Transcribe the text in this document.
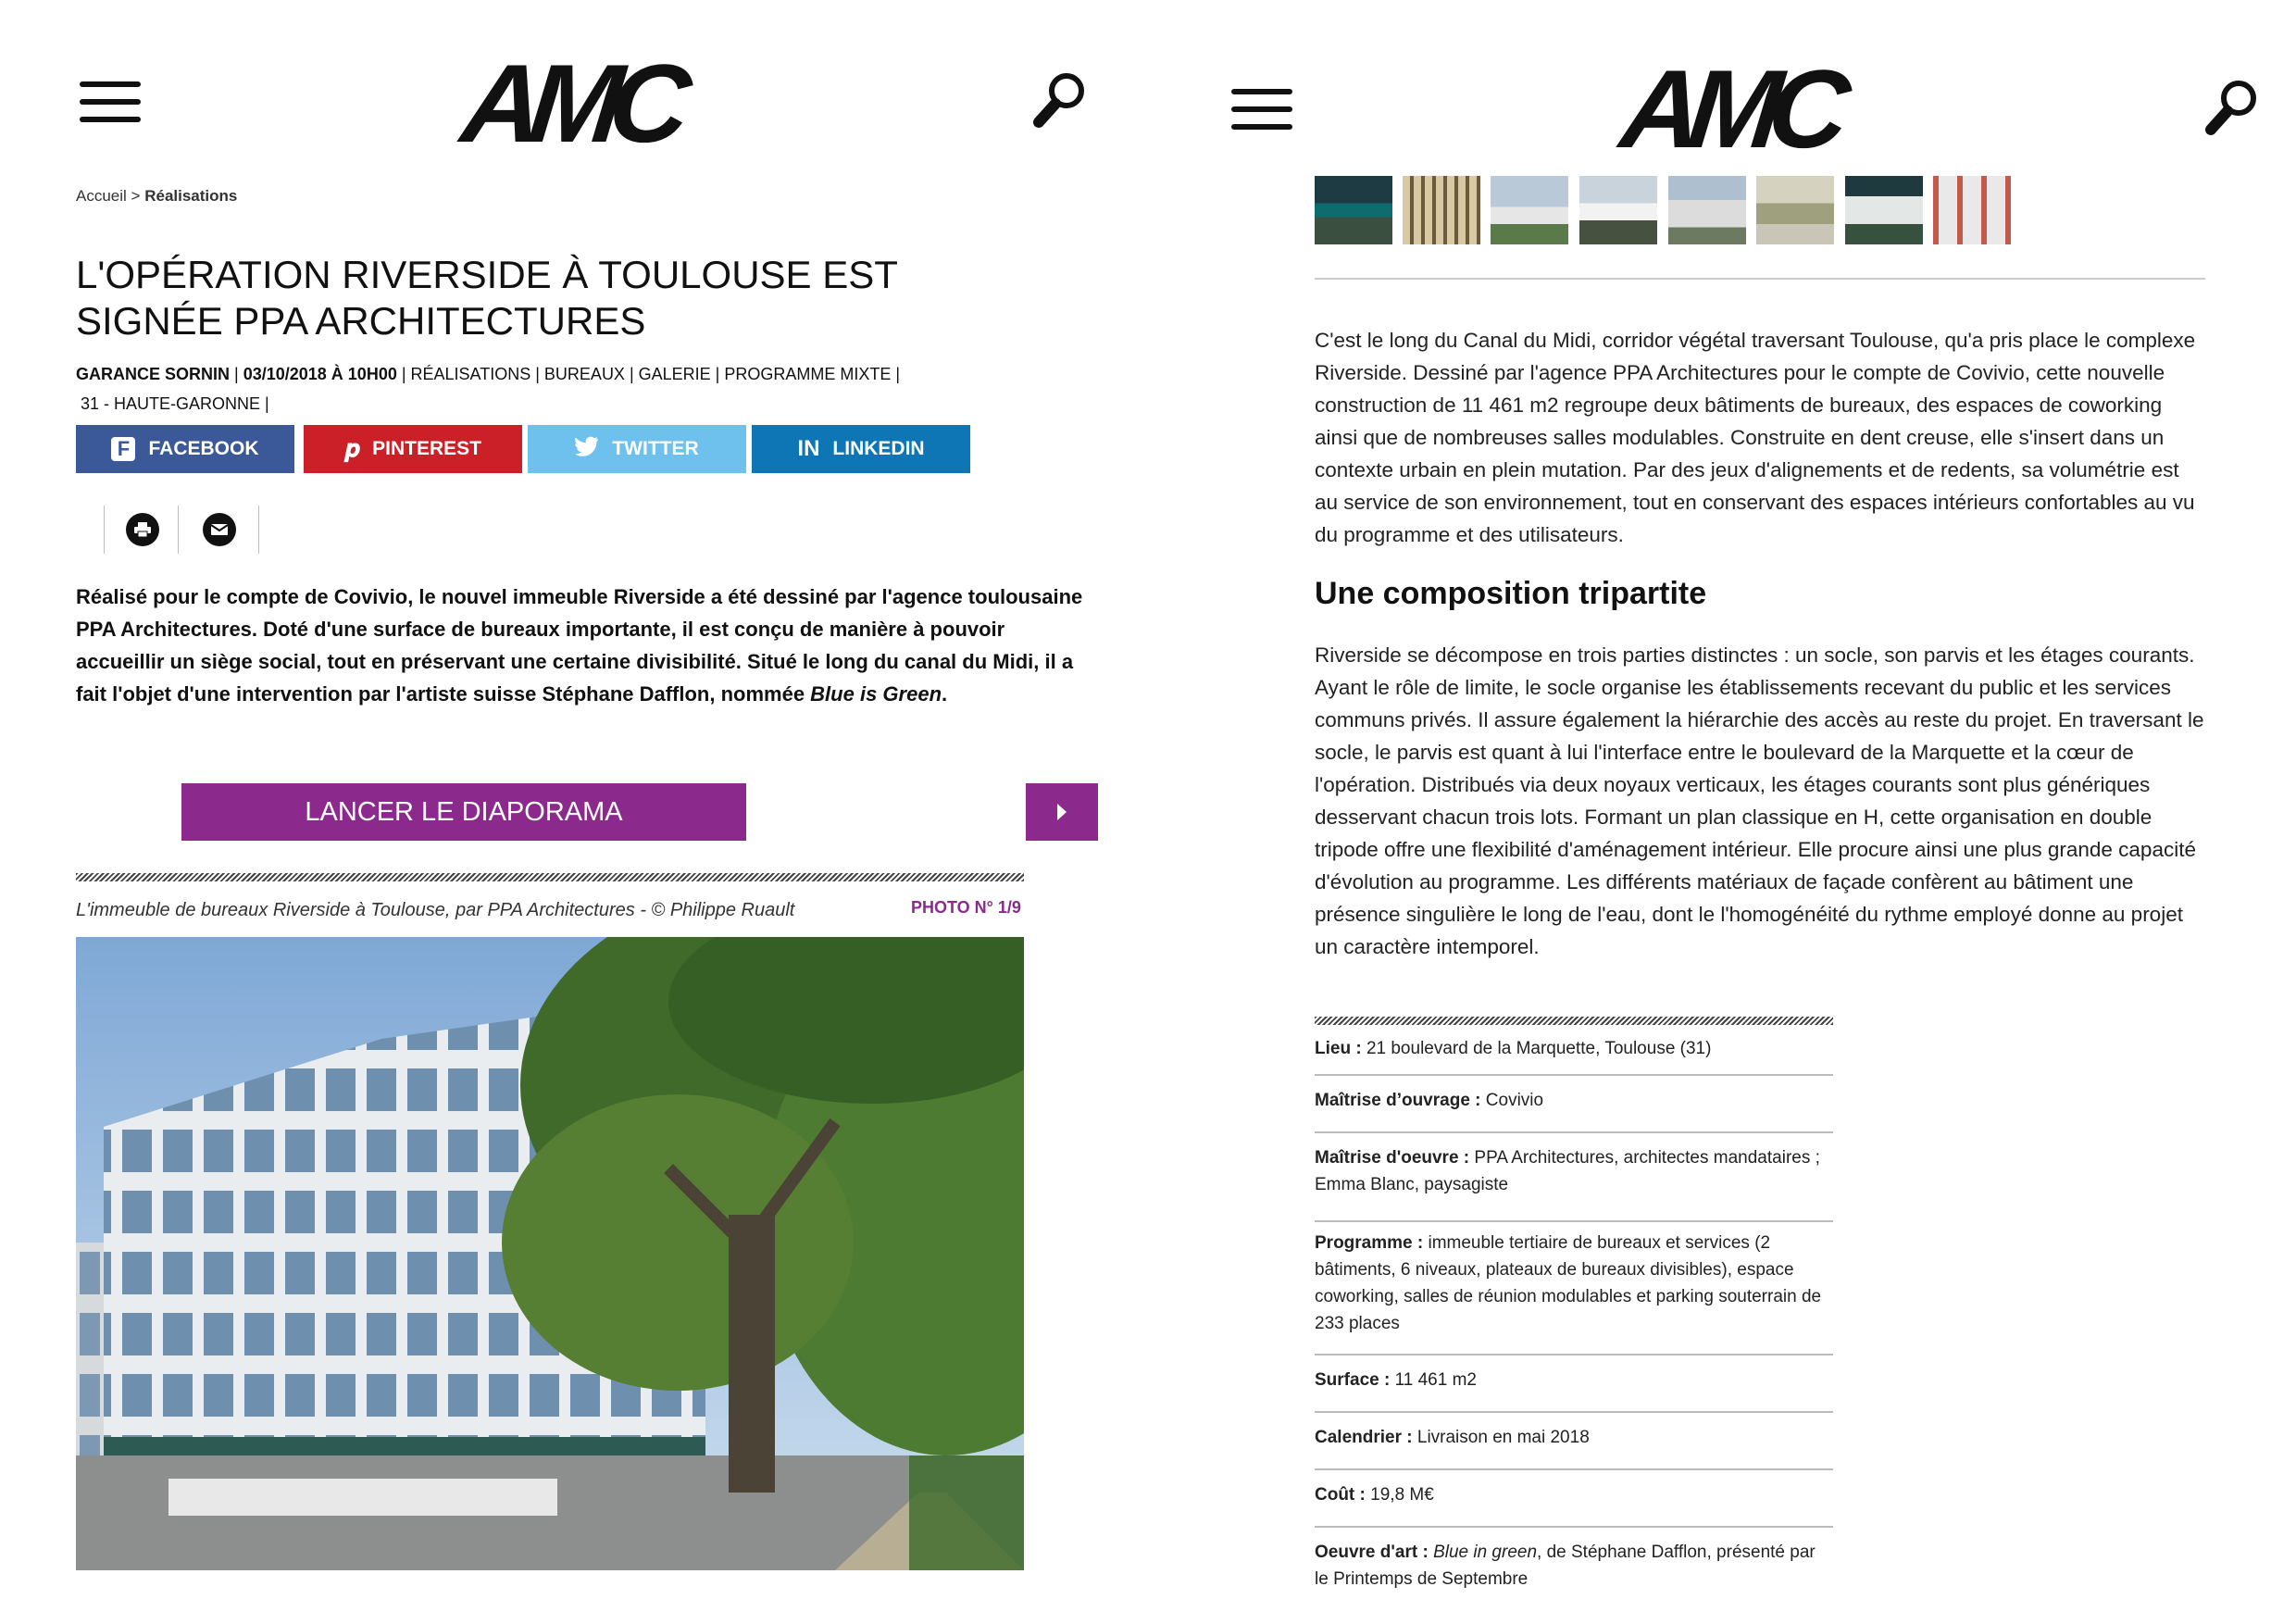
AMC
Accueil > Réalisations
L'OPÉRATION RIVERSIDE À TOULOUSE EST SIGNÉE PPA ARCHITECTURES
GARANCE SORNIN | 03/10/2018 À 10H00 | RÉALISATIONS | BUREAUX | GALERIE | PROGRAMME MIXTE |
31 - HAUTE-GARONNE |
F FACEBOOK	𝒑 PINTEREST	TWITTER	IN LINKEDIN
Réalisé pour le compte de Covivio, le nouvel immeuble Riverside a été dessiné par l'agence toulousaine PPA Architectures. Doté d'une surface de bureaux importante, il est conçu de manière à pouvoir accueillir un siège social, tout en préservant une certaine divisibilité. Situé le long du canal du Midi, il a fait l'objet d'une intervention par l'artiste suisse Stéphane Dafflon, nommée Blue is Green.
LANCER LE DIAPORAMA
L'immeuble de bureaux Riverside à Toulouse, par PPA Architectures - © Philippe Ruault	PHOTO N° 1/9
AMC
C'est le long du Canal du Midi, corridor végétal traversant Toulouse, qu'a pris place le complexe Riverside. Dessiné par l'agence PPA Architectures pour le compte de Covivio, cette nouvelle construction de 11 461 m2 regroupe deux bâtiments de bureaux, des espaces de coworking ainsi que de nombreuses salles modulables. Construite en dent creuse, elle s'insert dans un contexte urbain en plein mutation. Par des jeux d'alignements et de redents, sa volumétrie est au service de son environnement, tout en conservant des espaces intérieurs confortables au vu du programme et des utilisateurs.
Une composition tripartite
Riverside se décompose en trois parties distinctes : un socle, son parvis et les étages courants. Ayant le rôle de limite, le socle organise les établissements recevant du public et les services communs privés. Il assure également la hiérarchie des accès au reste du projet. En traversant le socle, le parvis est quant à lui l'interface entre le boulevard de la Marquette et la cœur de l'opération. Distribués via deux noyaux verticaux, les étages courants sont plus génériques desservant chacun trois lots. Formant un plan classique en H, cette organisation en double tripode offre une flexibilité d'aménagement intérieur. Elle procure ainsi une plus grande capacité d'évolution au programme. Les différents matériaux de façade confèrent au bâtiment une présence singulière le long de l'eau, dont le l'homogénéité du rythme employé donne au projet un caractère intemporel.
Lieu : 21 boulevard de la Marquette, Toulouse (31)
Maîtrise d’ouvrage : Covivio
Maîtrise d'oeuvre : PPA Architectures, architectes mandataires ; Emma Blanc, paysagiste
Programme : immeuble tertiaire de bureaux et services (2 bâtiments, 6 niveaux, plateaux de bureaux divisibles), espace coworking, salles de réunion modulables et parking souterrain de 233 places
Surface : 11 461 m2
Calendrier : Livraison en mai 2018
Coût : 19,8 M€
Oeuvre d'art : Blue in green, de Stéphane Dafflon, présenté par le Printemps de Septembre
